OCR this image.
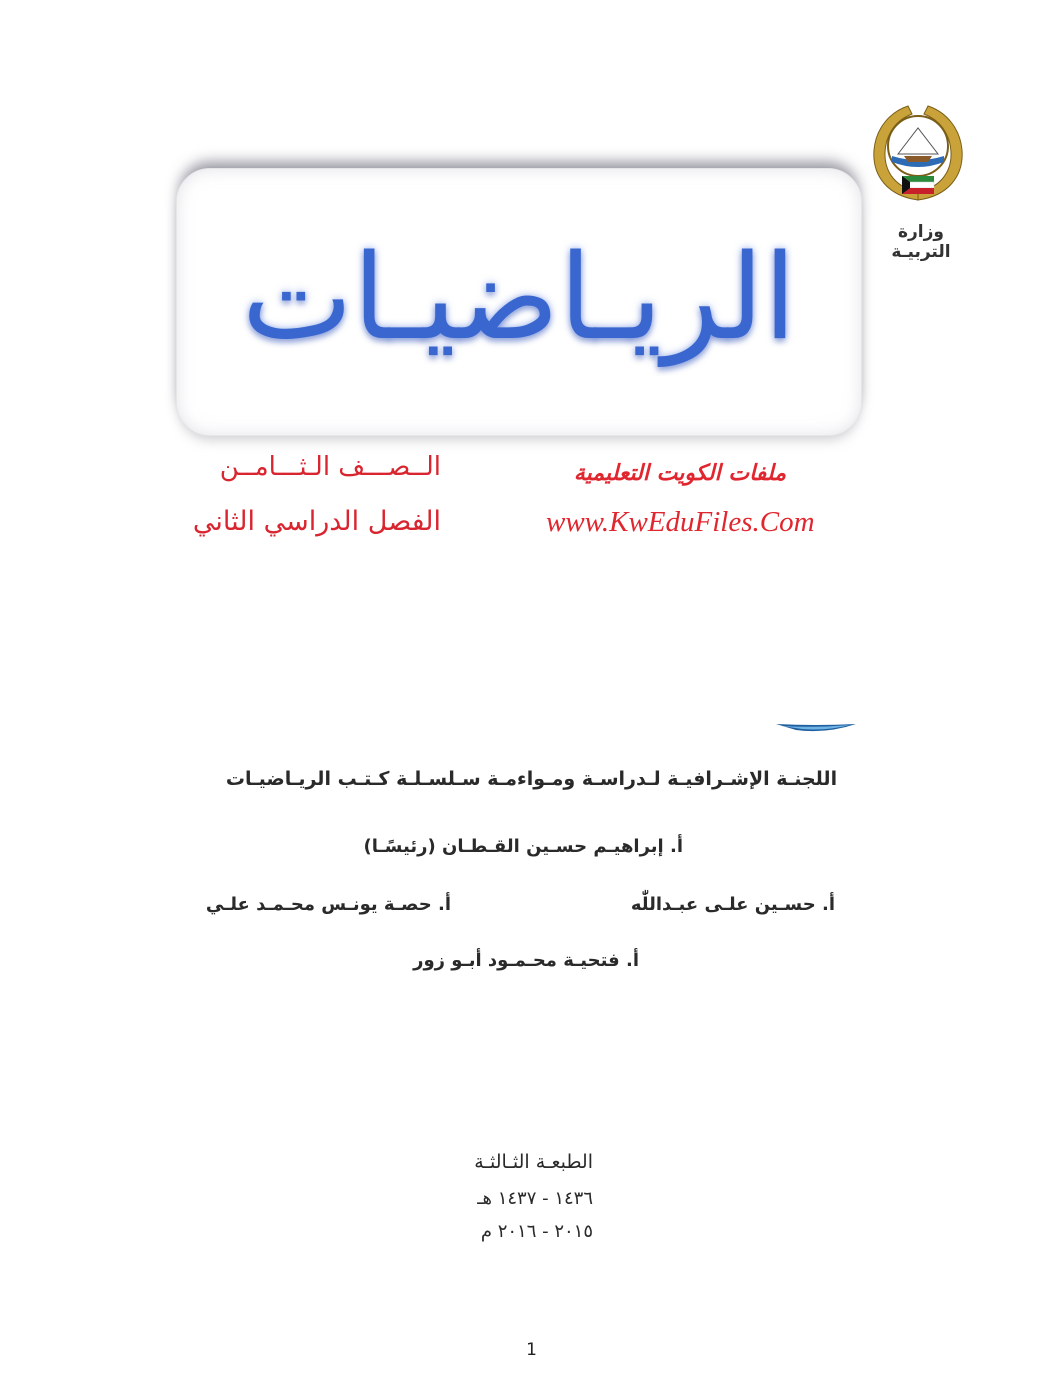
وزارة التربيـة
الريـاضيـات
الــصـــف الـثـــامــن
الفصل الدراسي الثاني
ملفات الكويت التعليمية
www.KwEduFiles.Com
اللجنـة الإشـرافيـة لـدراسـة ومـواءمـة سـلسـلـة كـتـب الريـاضيـات
أ. إبراهيـم حسـين القـطـان (رئيسًـا)
أ. حسـين علـى عبـداللّٰه
أ. حصـة يونـس محـمـد علـي
أ. فتحيـة محـمـود أبـو زور
الطبعـة الثـالثـة
١٤٣٦ - ١٤٣٧ هـ
٢٠١٥ - ٢٠١٦ م
1
